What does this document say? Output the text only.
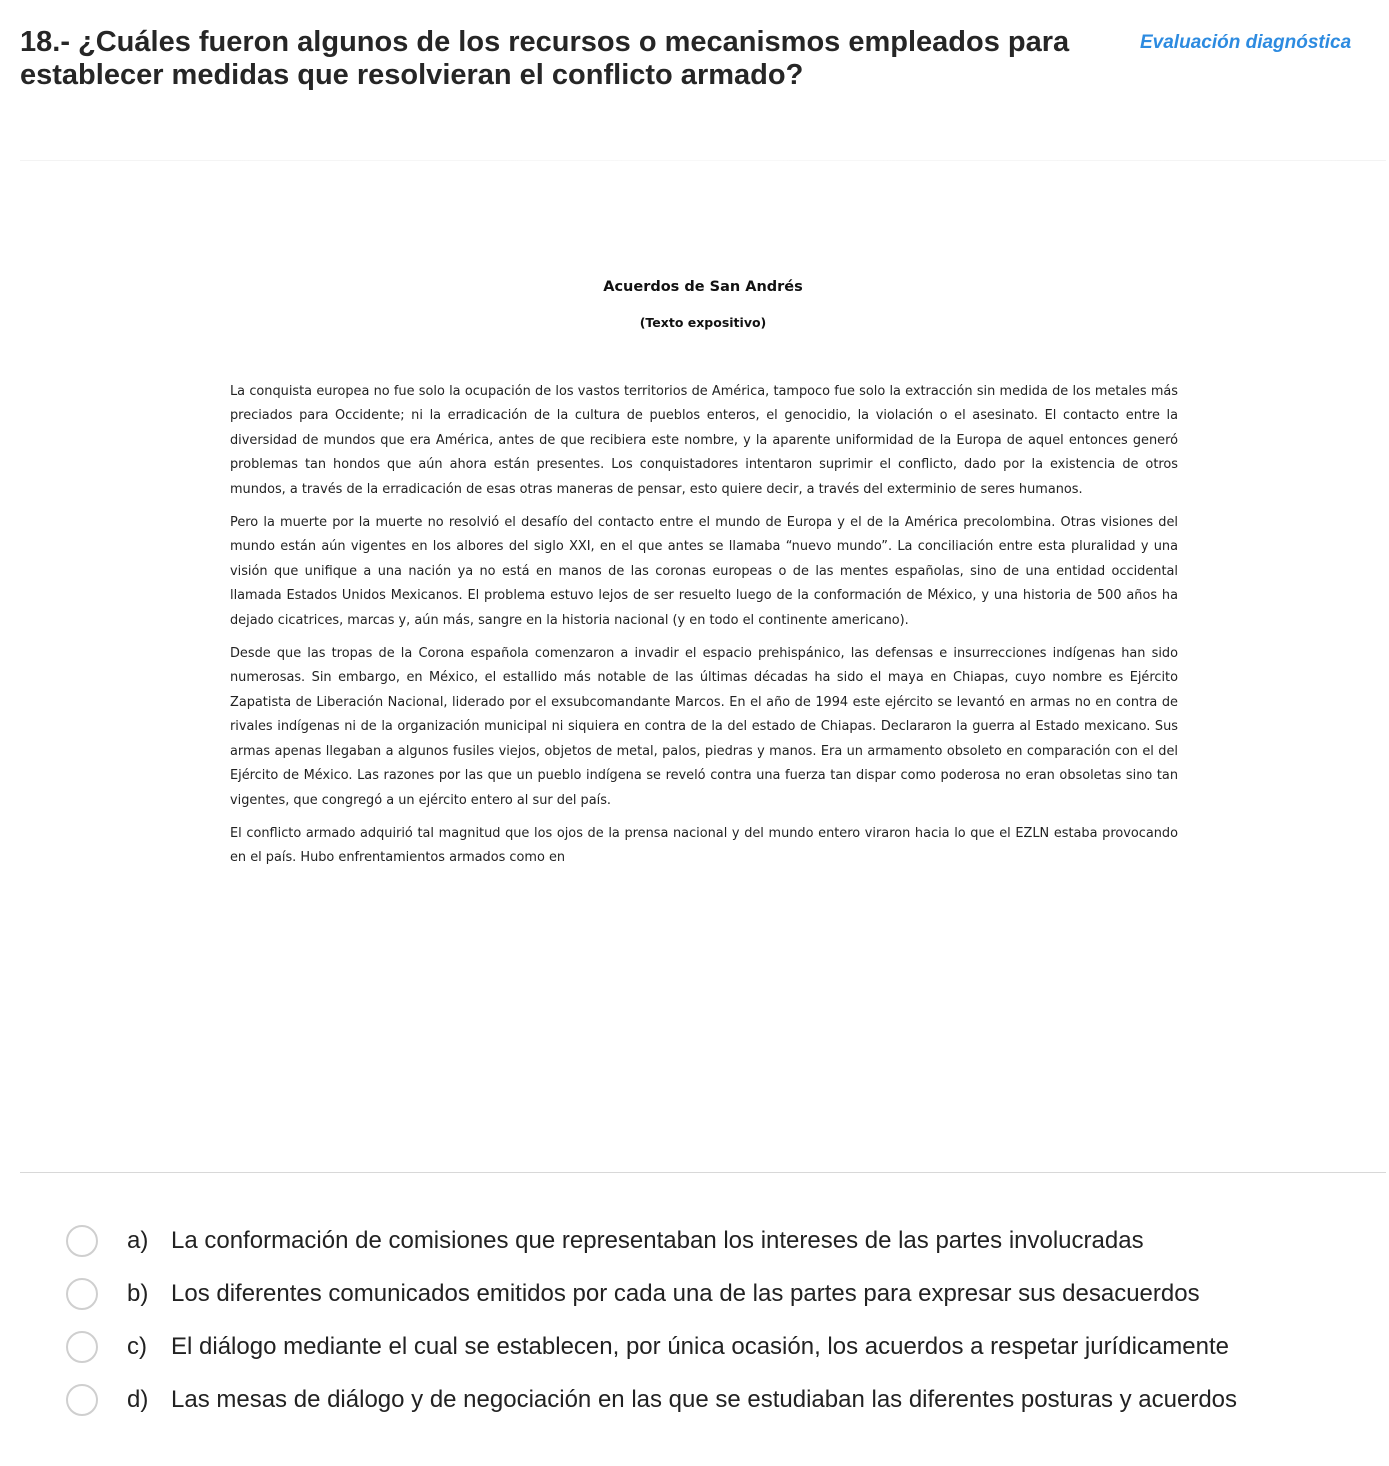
18.- ¿Cuáles fueron algunos de los recursos o mecanismos empleados para establecer medidas que resolvieran el conflicto armado?
Evaluación diagnóstica
Acuerdos de San Andrés
(Texto expositivo)

La conquista europea no fue solo la ocupación de los vastos territorios de América, tampoco fue solo la extracción sin medida de los metales más preciados para Occidente; ni la erradicación de la cultura de pueblos enteros, el genocidio, la violación o el asesinato. El contacto entre la diversidad de mundos que era América, antes de que recibiera este nombre, y la aparente uniformidad de la Europa de aquel entonces generó problemas tan hondos que aún ahora están presentes. Los conquistadores intentaron suprimir el conflicto, dado por la existencia de otros mundos, a través de la erradicación de esas otras maneras de pensar, esto quiere decir, a través del exterminio de seres humanos.

Pero la muerte por la muerte no resolvió el desafío del contacto entre el mundo de Europa y el de la América precolombina. Otras visiones del mundo están aún vigentes en los albores del siglo XXI, en el que antes se llamaba “nuevo mundo”. La conciliación entre esta pluralidad y una visión que unifique a una nación ya no está en manos de las coronas europeas o de las mentes españolas, sino de una entidad occidental llamada Estados Unidos Mexicanos. El problema estuvo lejos de ser resuelto luego de la conformación de México, y una historia de 500 años ha dejado cicatrices, marcas y, aún más, sangre en la historia nacional (y en todo el continente americano).

Desde que las tropas de la Corona española comenzaron a invadir el espacio prehispánico, las defensas e insurrecciones indígenas han sido numerosas. Sin embargo, en México, el estallido más notable de las últimas décadas ha sido el maya en Chiapas, cuyo nombre es Ejército Zapatista de Liberación Nacional, liderado por el exsubcomandante Marcos. En el año de 1994 este ejército se levantó en armas no en contra de rivales indígenas ni de la organización municipal ni siquiera en contra de la del estado de Chiapas. Declararon la guerra al Estado mexicano. Sus armas apenas llegaban a algunos fusiles viejos, objetos de metal, palos, piedras y manos. Era un armamento obsoleto en comparación con el del Ejército de México. Las razones por las que un pueblo indígena se reveló contra una fuerza tan dispar como poderosa no eran obsoletas sino tan vigentes, que congregó a un ejército entero al sur del país.

El conflicto armado adquirió tal magnitud que los ojos de la prensa nacional y del mundo entero viraron hacia lo que el EZLN estaba provocando en el país. Hubo enfrentamientos armados como en

a) La conformación de comisiones que representaban los intereses de las partes involucradas
b) Los diferentes comunicados emitidos por cada una de las partes para expresar sus desacuerdos
c)	El diálogo mediante el cual se establecen, por única ocasión, los acuerdos a respetar jurídicamente
d) Las mesas de diálogo y de negociación en las que se estudiaban las diferentes posturas y acuerdos
